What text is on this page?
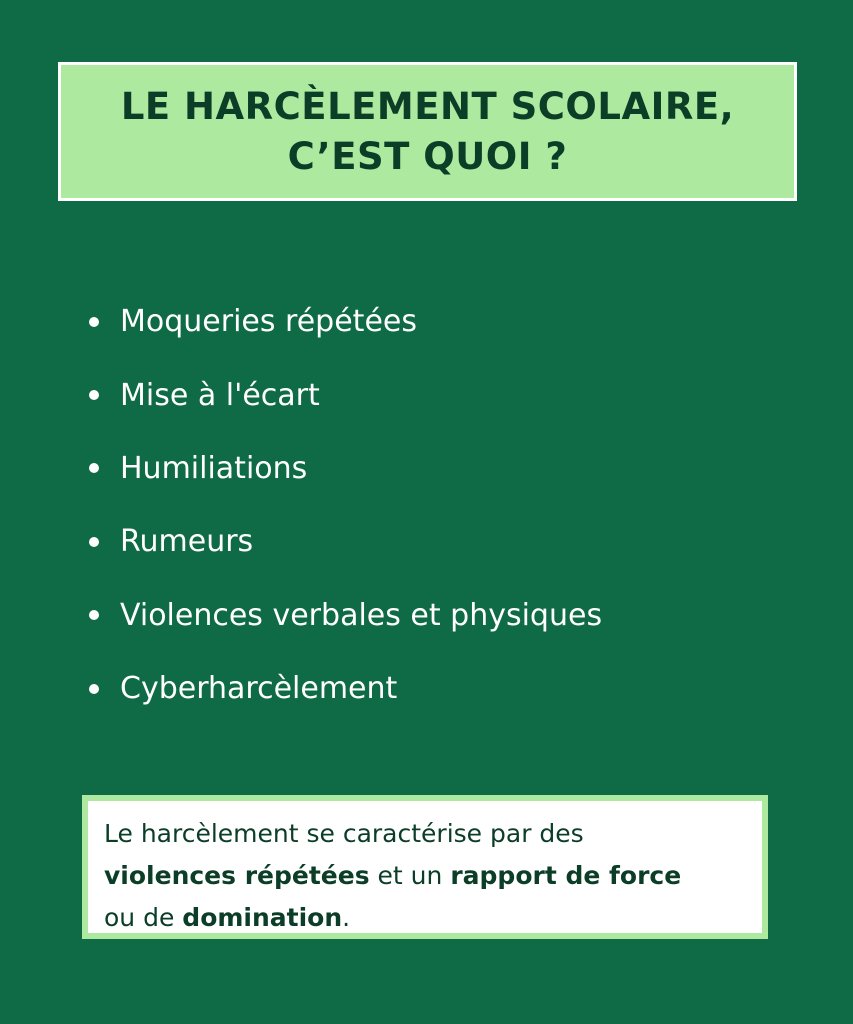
LE HARCÈLEMENT SCOLAIRE,
C’EST QUOI ?
Moqueries répétées
Mise à l'écart
Humiliations
Rumeurs
Violences verbales et physiques
Cyberharcèlement
Le harcèlement se caractérise par des
violences répétées et un rapport de force
ou de domination.
